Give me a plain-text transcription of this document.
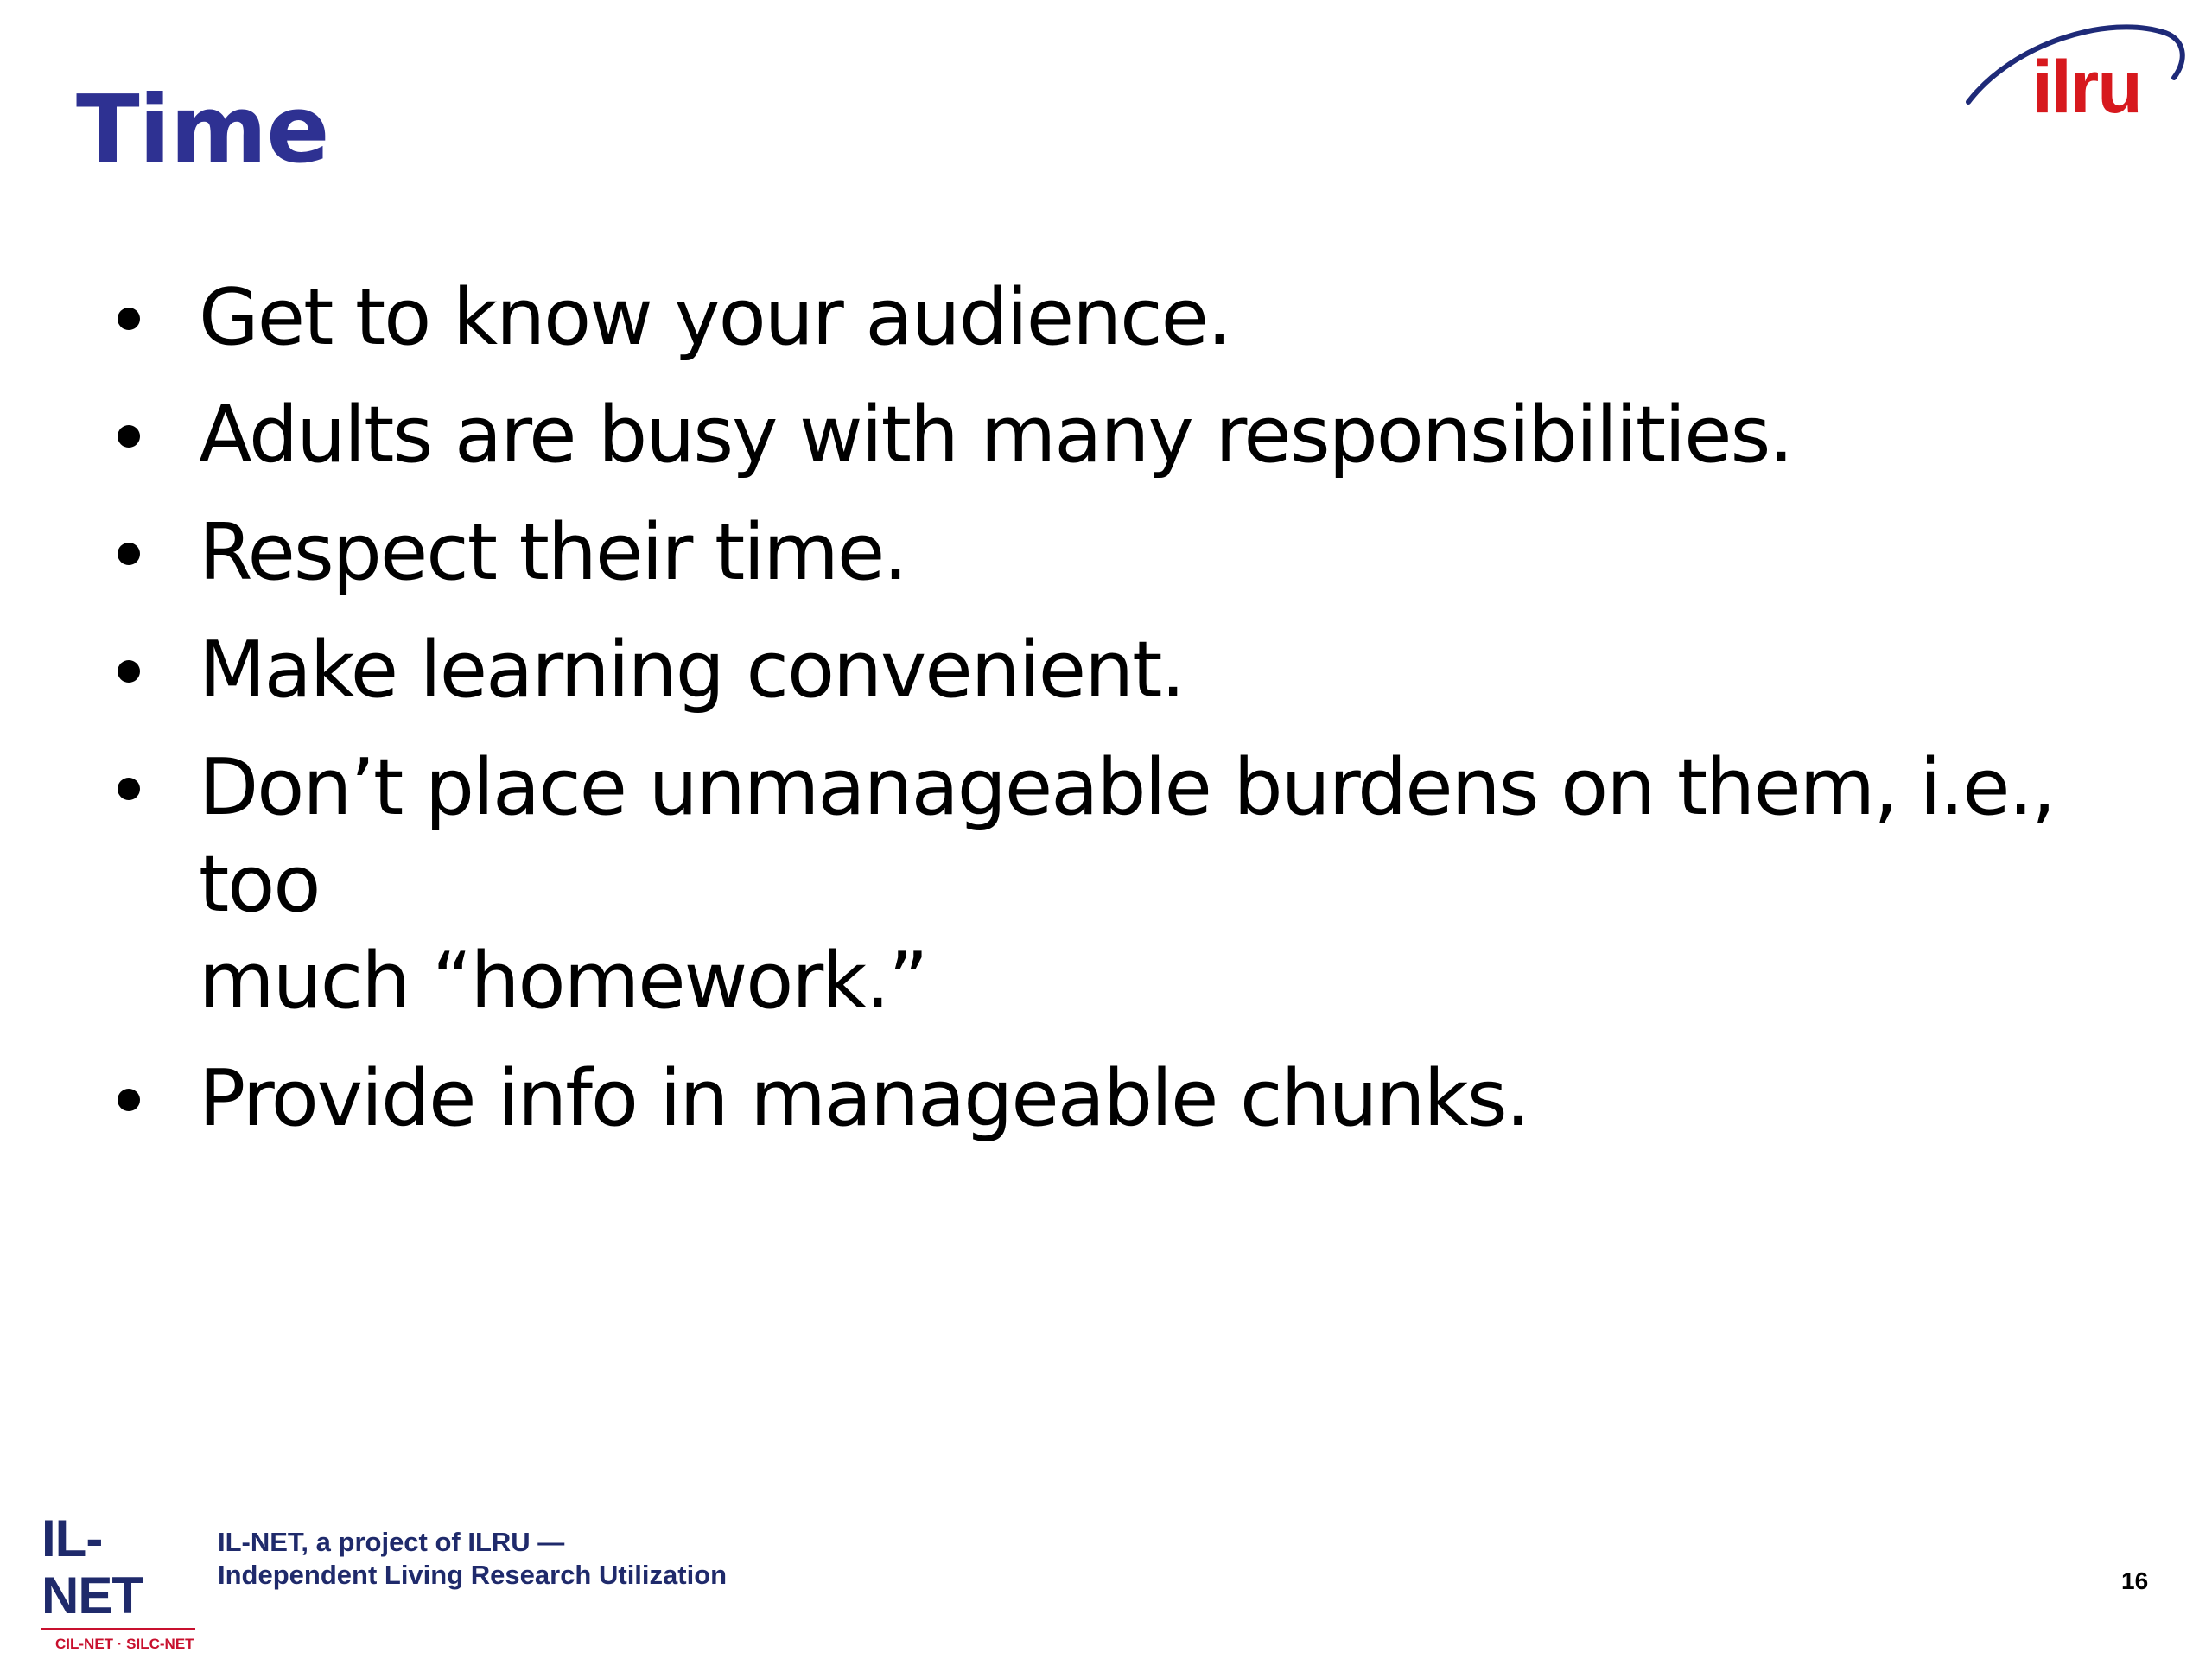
Time	ilru
Get to know your audience.
Adults are busy with many responsibilities.
Respect their time.
Make learning convenient.
Don’t place unmanageable burdens on them, i.e., too
much “homework.”
Provide info in manageable chunks.
IL-NET
CIL-NET · SILC-NET
IL-NET, a project of ILRU —
Independent Living Research Utilization	16
